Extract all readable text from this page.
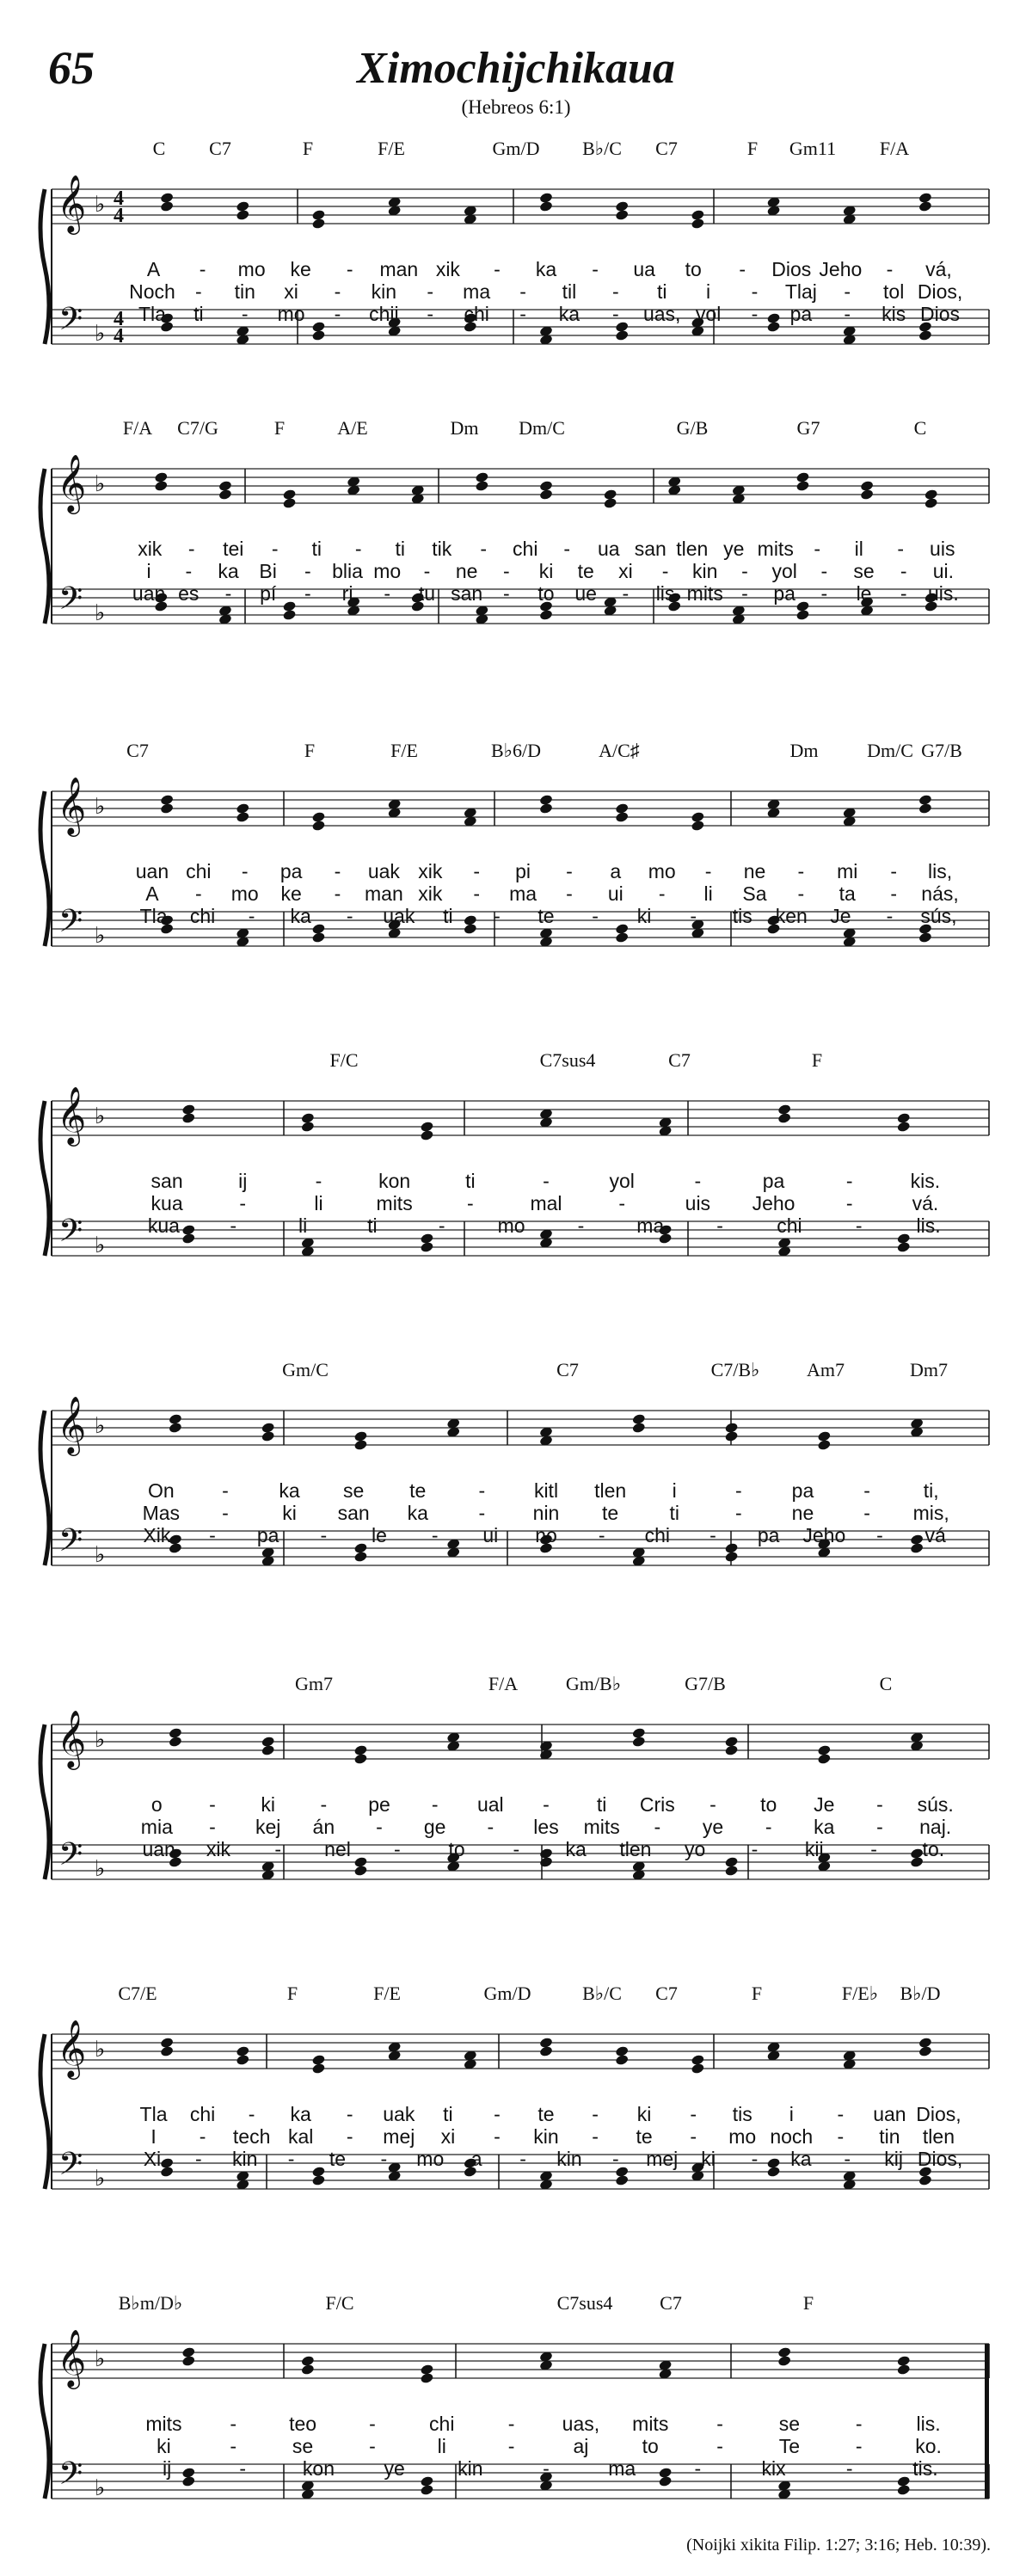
65	Ximochijchikaua
(Hebreos 6:1)
𝄞
𝄢
♭
♭
4
4
4
4
C C7	F	F/E	Gm/D B♭/C C7	F Gm11 F/A
A - mo ke - man xik - ka - ua to - Dios Jeho - vá,
Noch - tin xi - kin - ma - til - ti i - Tlaj - tol Dios,
Tla ti - mo - chij - chi - ka - uas, yol - pa - kis Dios
𝄞
𝄢
♭
♭
F/A C7/G	F	A/E	Dm Dm/C	G/B	G7	C
xik - tei - ti - ti tik - chi - ua san tlen ye mits - il - uis
i - ka Bi - blia mo - ne - ki te xi - kin - yol - se - ui.
uan es - pí - ri - tu san - to ue - lis mits - pa - le - uis.
𝄞
𝄢
♭
♭
C7	F	F/E	B♭6/D	A/C♯	Dm	Dm/C G7/B
uan chi - pa - uak xik - pi - a mo - ne - mi - lis,
A - mo ke - man xik - ma - ui - li Sa - ta - nás,
Tla chi - ka - uak ti - te - ki - tis ken Je - sús,
𝄞
𝄢
♭
♭
F/C	C7sus4	C7	F
san	ij	-	kon	ti	-	yol	-	pa	-	kis.
kua	-	li	mits	-	mal	-	uis Jeho	-	vá.
kua	-	li	ti	-	mo	-	ma	-	chi	-	lis.
𝄞
𝄢
♭
♭
Gm/C	C7	C7/B♭ Am7	Dm7
On -	ka se te	- kitl tlen i	-	pa	-	ti,
Mas -	ki san ka	- nin te	ti	-	ne	- mis,
Xik - pa - le - ui no - chi - pa Jeho - vá
𝄞
𝄢
♭
♭
Gm7	F/A	Gm/B♭	G7/B	C
o - ki - pe - ual - ti Cris - to Je - sús.
mia - kej án - ge - les mits - ye - ka - naj.
uan xik - nel - to - ka tlen yo - kij - to.
𝄞
𝄢
♭
♭
C7/E	F	F/E	Gm/D	B♭/C C7	F	F/E♭ B♭/D
Tla chi - ka - uak ti - te - ki - tis i - uan Dios,
I - tech kal - mej xi - kin - te - mo noch - tin tlen
Xi - kin - te - mo a - kin - mej ki - ka - kij Dios,
𝄞
𝄢
♭
♭
B♭m/D♭	F/C	C7sus4 C7	F
mits -	teo	-	chi	- uas, mits -	se	-	lis.
ki	-	se	-	li	-	aj	to	-	Te	-	ko.
ij	-	kon ye	kin	-	ma	-	kix	-	tis.
(Noijki xikita Filip. 1:27; 3:16; Heb. 10:39).
